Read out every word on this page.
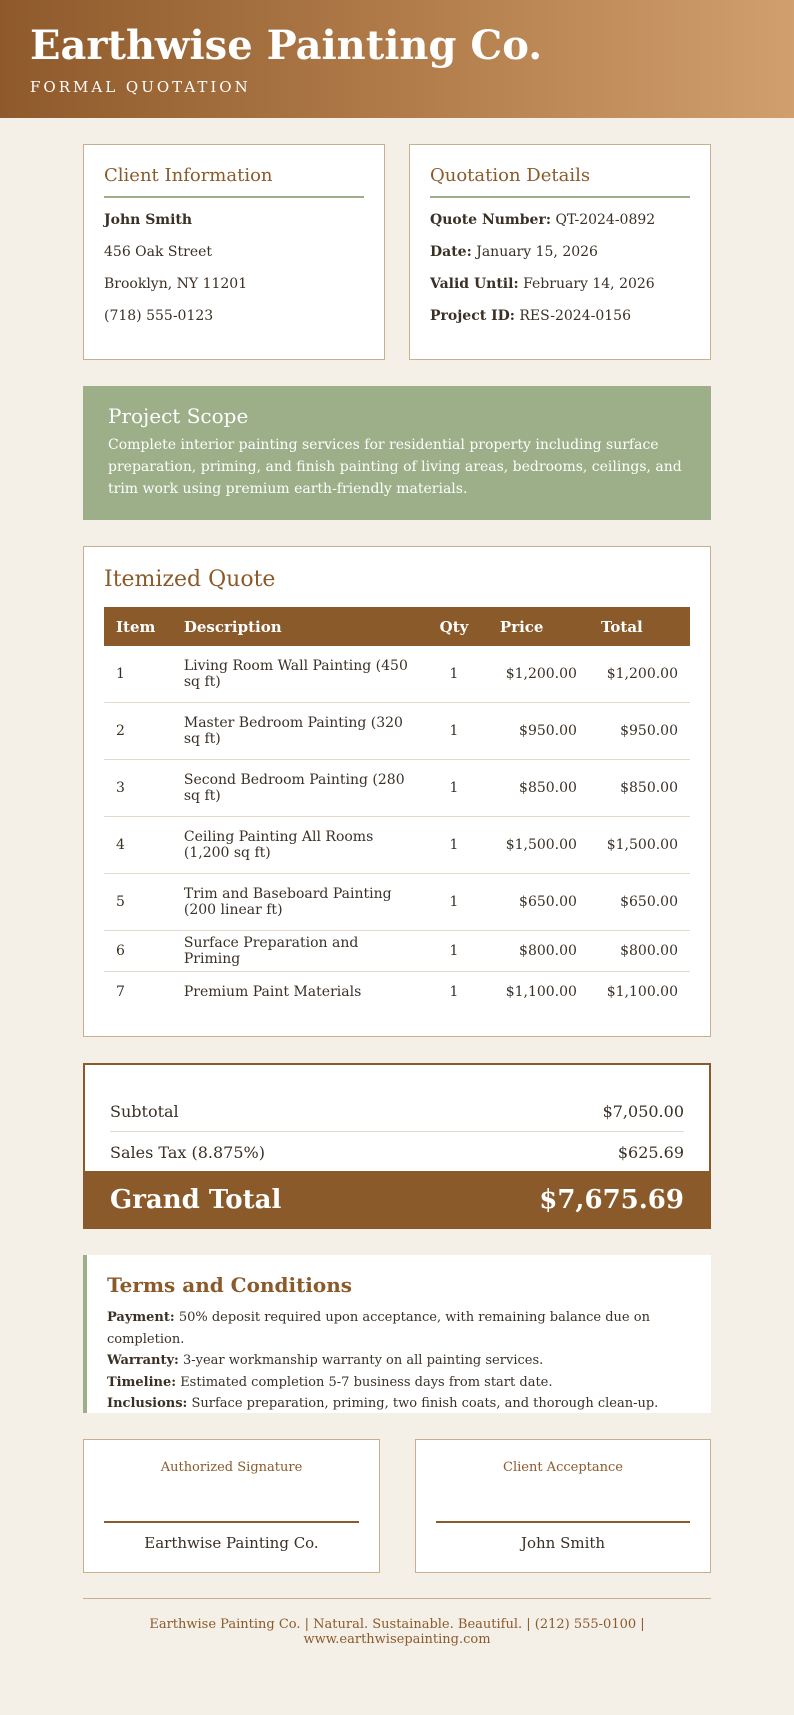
Earthwise Painting Co.
FORMAL QUOTATION
Client Information
John Smith
456 Oak Street
Brooklyn, NY 11201
(718) 555-0123
Quotation Details
Quote Number: QT-2024-0892
Date: January 15, 2026
Valid Until: February 14, 2026
Project ID: RES-2024-0156
Project Scope

Complete interior painting services for residential property including surface preparation, priming, and finish painting of living areas, bedrooms, ceilings, and trim work using premium earth-friendly materials.

Itemized Quote
Item	Description	Qty	Price	Total
1	Living Room Wall Painting (450 sq ft)	1	$1,200.00	$1,200.00
2	Master Bedroom Painting (320 sq ft)	1	$950.00	$950.00
3	Second Bedroom Painting (280 sq ft)	1	$850.00	$850.00
4	Ceiling Painting All Rooms (1,200 sq ft)	1	$1,500.00	$1,500.00
5	Trim and Baseboard Painting (200 linear ft)	1	$650.00	$650.00
6	Surface Preparation and Priming	1	$800.00	$800.00
7	Premium Paint Materials	1	$1,100.00	$1,100.00
Subtotal	$7,050.00
Sales Tax (8.875%)	$625.69
Grand Total	$7,675.69
Terms and Conditions
Payment: 50% deposit required upon acceptance, with remaining balance due on completion.
Warranty: 3-year workmanship warranty on all painting services.
Timeline: Estimated completion 5-7 business days from start date.
Inclusions: Surface preparation, priming, two finish coats, and thorough clean-up.
Authorized Signature
Earthwise Painting Co.
Client Acceptance
John Smith
Earthwise Painting Co. | Natural. Sustainable. Beautiful. | (212) 555-0100 | www.earthwisepainting.com
